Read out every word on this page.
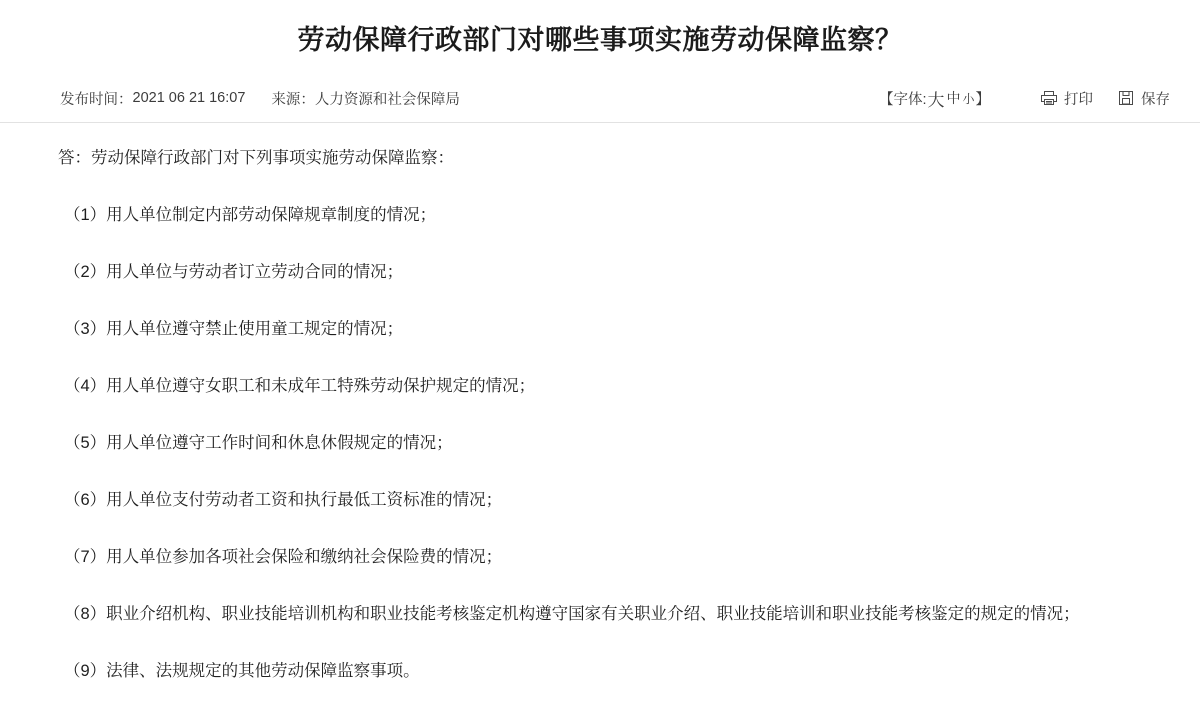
劳动保障行政部门对哪些事项实施劳动保障监察？
发布时间： 2021 06 21 16:07 来源： 人力资源和社会保障局	【 字体: 大 中 小 】	打印	保存

答：劳动保障行政部门对下列事项实施劳动保障监察：

（1）用人单位制定内部劳动保障规章制度的情况；

（2）用人单位与劳动者订立劳动合同的情况；

（3）用人单位遵守禁止使用童工规定的情况；

（4）用人单位遵守女职工和未成年工特殊劳动保护规定的情况；

（5）用人单位遵守工作时间和休息休假规定的情况；

（6）用人单位支付劳动者工资和执行最低工资标准的情况；

（7）用人单位参加各项社会保险和缴纳社会保险费的情况；

（8）职业介绍机构、职业技能培训机构和职业技能考核鉴定机构遵守国家有关职业介绍、职业技能培训和职业技能考核鉴定的规定的情况；

（9）法律、法规规定的其他劳动保障监察事项。
